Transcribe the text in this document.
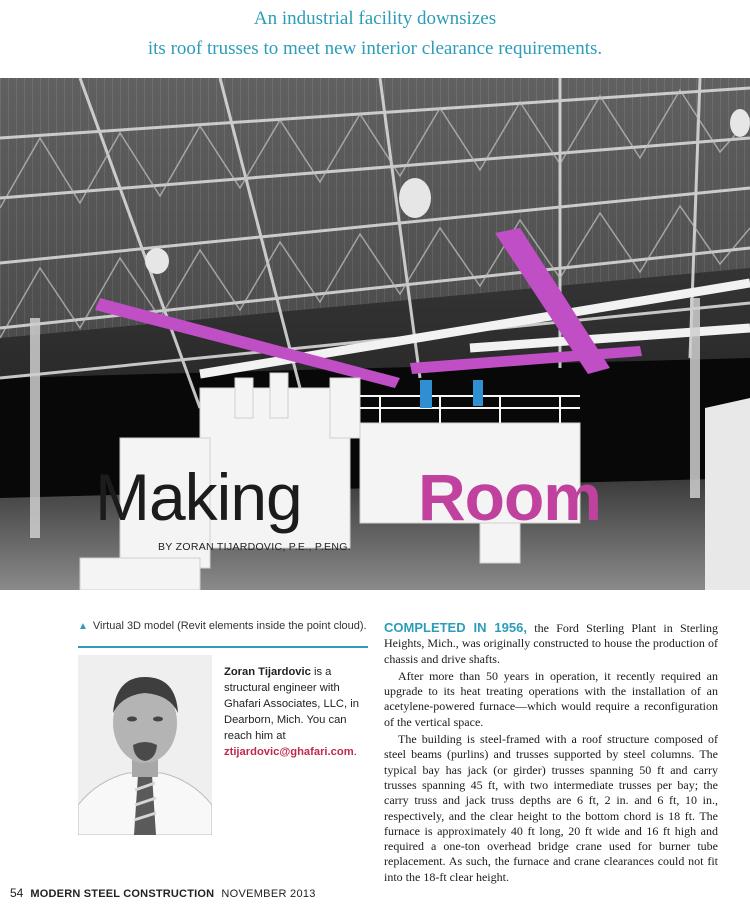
An industrial facility downsizes
its roof trusses to meet new interior clearance requirements.
Making Room
BY ZORAN TIJARDOVIC, P.E., P.ENG.
▲ Virtual 3D model (Revit elements inside the point cloud).
Zoran Tijardovic is a structural engineer with Ghafari Associates, LLC, in Dearborn, Mich. You can reach him at ztijardovic@ghafari.com.

COMPLETED IN 1956, the Ford Sterling Plant in Sterling Heights, Mich., was originally constructed to house the production of chassis and drive shafts.

After more than 50 years in operation, it recently required an upgrade to its heat treating operations with the installation of an acetylene-powered furnace—which would require a reconfiguration of the vertical space.

The building is steel-framed with a roof structure composed of steel beams (purlins) and trusses supported by steel columns. The typical bay has jack (or girder) trusses spanning 50 ft and carry trusses spanning 45 ft, with two intermediate trusses per bay; the carry truss and jack truss depths are 6 ft, 2 in. and 6 ft, 10 in., respectively, and the clear height to the bottom chord is 18 ft. The furnace is approximately 40 ft long, 20 ft wide and 16 ft high and required a one-ton overhead bridge crane used for burner tube replacement. As such, the furnace and crane clearances could not fit into the 18-ft clear height.

54 MODERN STEEL CONSTRUCTION NOVEMBER 2013
